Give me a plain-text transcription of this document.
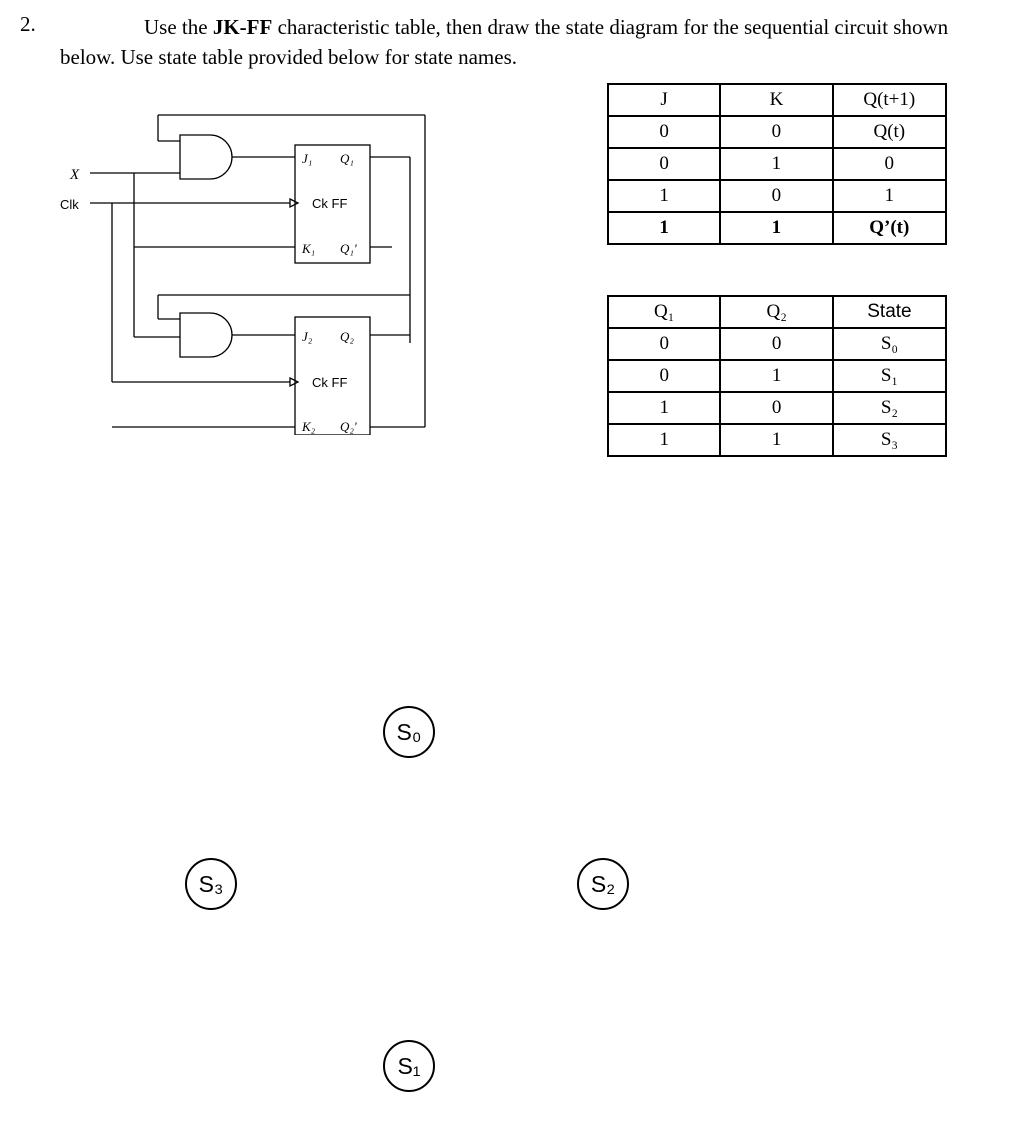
2.	Use the JK-FF characteristic table, then draw the state diagram for the sequential circuit shown below. Use state table provided below for state names.
X
Clk
J₁ Q₁
Ck FF
K₁ Q₁'
J₂ Q₂
Ck FF
K₂ Q₂'
J	K	Q(t+1)
0	0	Q(t)
0	1	0
1	0	1
1	1	Q’(t)
Q₁	Q₂	State
0	0	S₀
0	1	S₁
1	0	S₂
1	1	S₃
S₀
S₃	S₂
S₁
